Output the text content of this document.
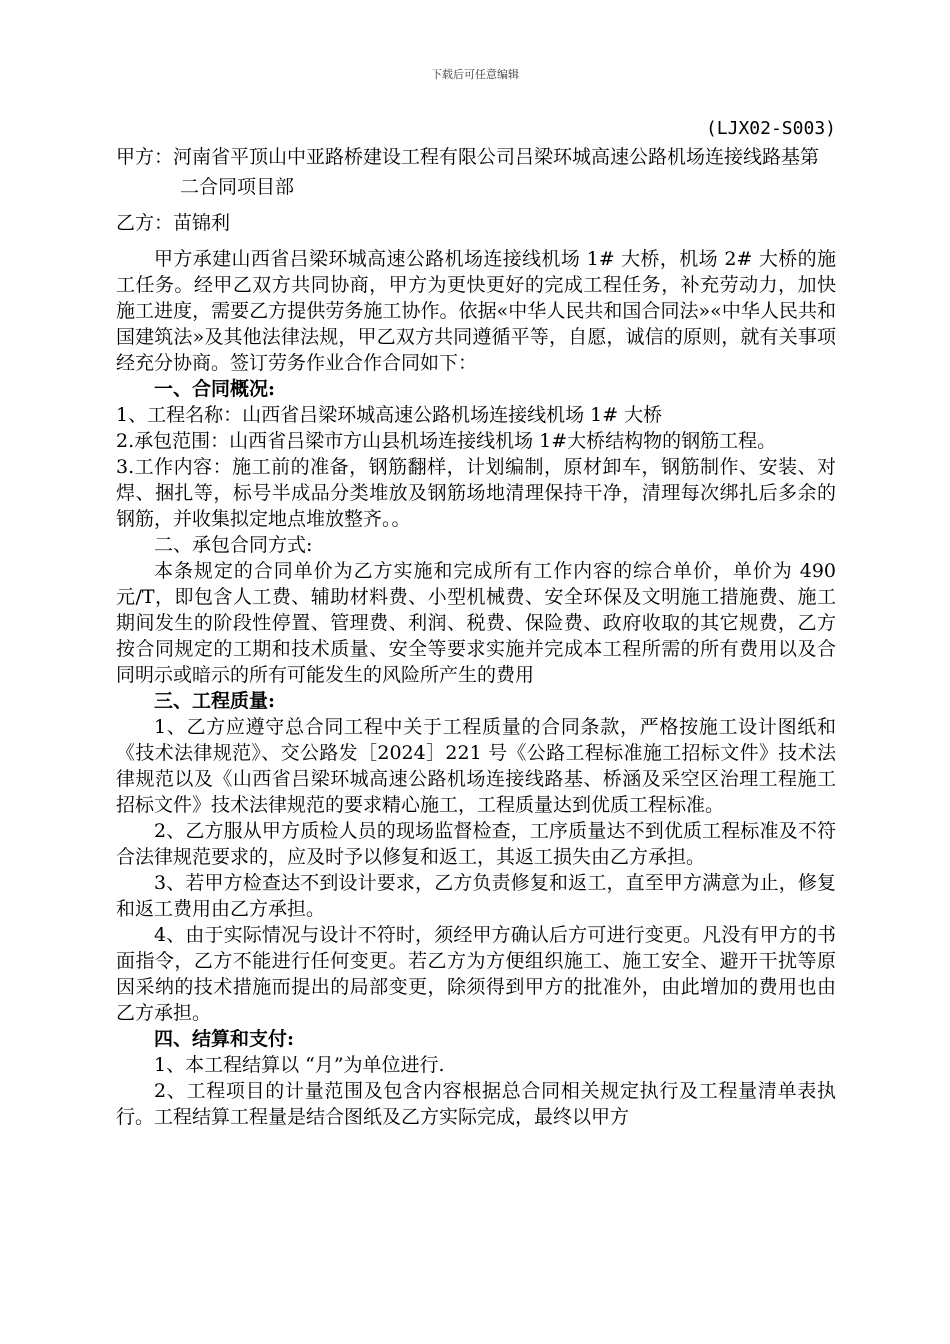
下载后可任意编辑
(LJX02-S003)

甲方：河南省平顶山中亚路桥建设工程有限公司吕梁环城高速公路机场连接线路基第二合同项目部

乙方：苗锦利

甲方承建山西省吕梁环城高速公路机场连接线机场 1# 大桥，机场 2# 大桥的施工任务。经甲乙双方共同协商，甲方为更快更好的完成工程任务，补充劳动力，加快施工进度，需要乙方提供劳务施工协作。依据«中华人民共和国合同法»«中华人民共和国建筑法»及其他法律法规，甲乙双方共同遵循平等，自愿，诚信的原则，就有关事项经充分协商。签订劳务作业合作合同如下：

一、合同概况:

1、工程名称：山西省吕梁环城高速公路机场连接线机场 1# 大桥

2.承包范围：山西省吕梁市方山县机场连接线机场 1#大桥结构物的钢筋工程。

3.工作内容：施工前的准备，钢筋翻样，计划编制，原材卸车，钢筋制作、安装、对焊、捆扎等，标号半成品分类堆放及钢筋场地清理保持干净，清理每次绑扎后多余的钢筋，并收集拟定地点堆放整齐。。

二、承包合同方式:

本条规定的合同单价为乙方实施和完成所有工作内容的综合单价，单价为 490 元/T，即包含人工费、辅助材料费、小型机械费、安全环保及文明施工措施费、施工期间发生的阶段性停置、管理费、利润、税费、保险费、政府收取的其它规费，乙方按合同规定的工期和技术质量、安全等要求实施并完成本工程所需的所有费用以及合同明示或暗示的所有可能发生的风险所产生的费用

三、工程质量:

1、乙方应遵守总合同工程中关于工程质量的合同条款，严格按施工设计图纸和《技术法律规范》、交公路发［2024］221 号《公路工程标准施工招标文件》技术法律规范以及《山西省吕梁环城高速公路机场连接线路基、桥涵及采空区治理工程施工招标文件》技术法律规范的要求精心施工，工程质量达到优质工程标准。

2、乙方服从甲方质检人员的现场监督检查，工序质量达不到优质工程标准及不符合法律规范要求的，应及时予以修复和返工，其返工损失由乙方承担。

3、若甲方检查达不到设计要求，乙方负责修复和返工，直至甲方满意为止，修复和返工费用由乙方承担。

4、由于实际情况与设计不符时，须经甲方确认后方可进行变更。凡没有甲方的书面指令，乙方不能进行任何变更。若乙方为方便组织施工、施工安全、避开干扰等原因采纳的技术措施而提出的局部变更，除须得到甲方的批准外，由此增加的费用也由乙方承担。

四、结算和支付:

1、本工程结算以 “月”为单位进行.

2、工程项目的计量范围及包含内容根据总合同相关规定执行及工程量清单表执行。工程结算工程量是结合图纸及乙方实际完成，最终以甲方
